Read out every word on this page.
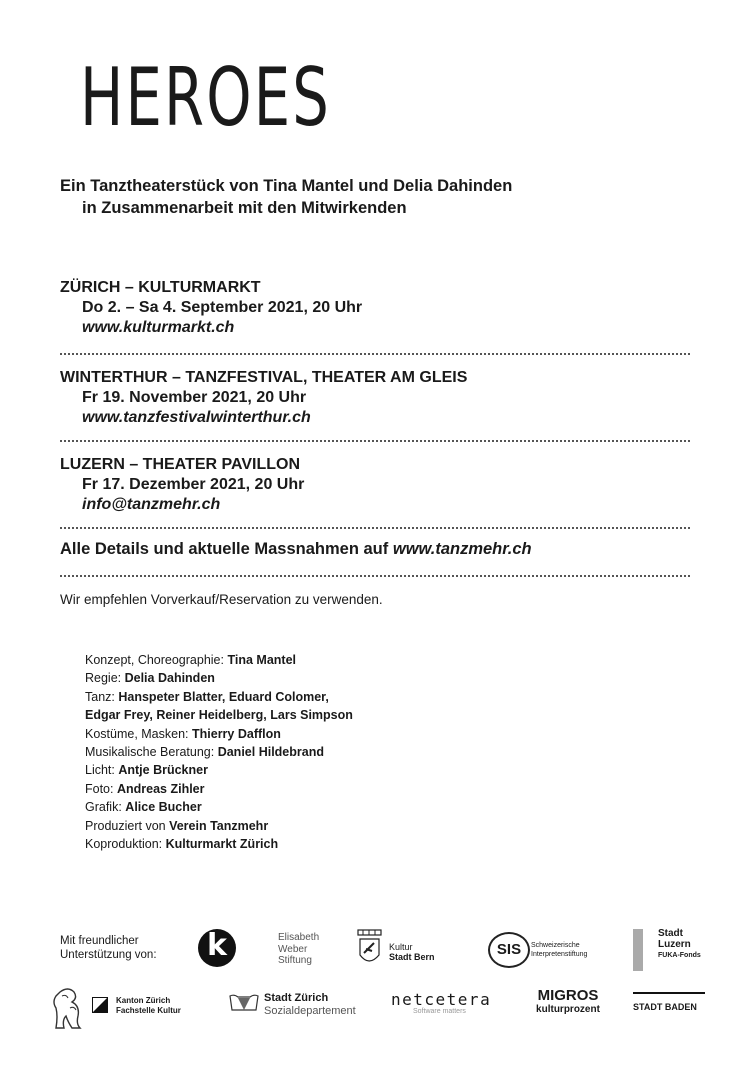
HEROES
Ein Tanztheaterstück von Tina Mantel und Delia Dahinden
in Zusammenarbeit mit den Mitwirkenden
ZÜRICH – KULTURMARKT
Do 2. – Sa 4. September 2021, 20 Uhr
www.kulturmarkt.ch
WINTERTHUR – TANZFESTIVAL, THEATER AM GLEIS
Fr 19. November 2021, 20 Uhr
www.tanzfestivalwinterthur.ch
LUZERN – THEATER PAVILLON
Fr 17. Dezember 2021, 20 Uhr
info@tanzmehr.ch
Alle Details und aktuelle Massnahmen auf www.tanzmehr.ch
Wir empfehlen Vorverkauf/Reservation zu verwenden.
Konzept, Choreographie: Tina Mantel
Regie: Delia Dahinden
Tanz: Hanspeter Blatter, Eduard Colomer,
Edgar Frey, Reiner Heidelberg, Lars Simpson
Kostüme, Masken: Thierry Dafflon
Musikalische Beratung: Daniel Hildebrand
Licht: Antje Brückner
Foto: Andreas Zihler
Grafik: Alice Bucher
Produziert von Verein Tanzmehr
Koproduktion: Kulturmarkt Zürich
Mit freundlicher
Unterstützung von:	k	Elisabeth
Weber
Stiftung
Kultur
Stadt Bern	SIS	Schweizerische
Interpretenstiftung
Stadt
Luzern
FUKA-Fonds
Kanton Zürich
Fachstelle Kultur
Stadt Zürich
Sozialdepartement
netcetera
Software matters
MIGROS
kulturprozent	STADT BADEN
